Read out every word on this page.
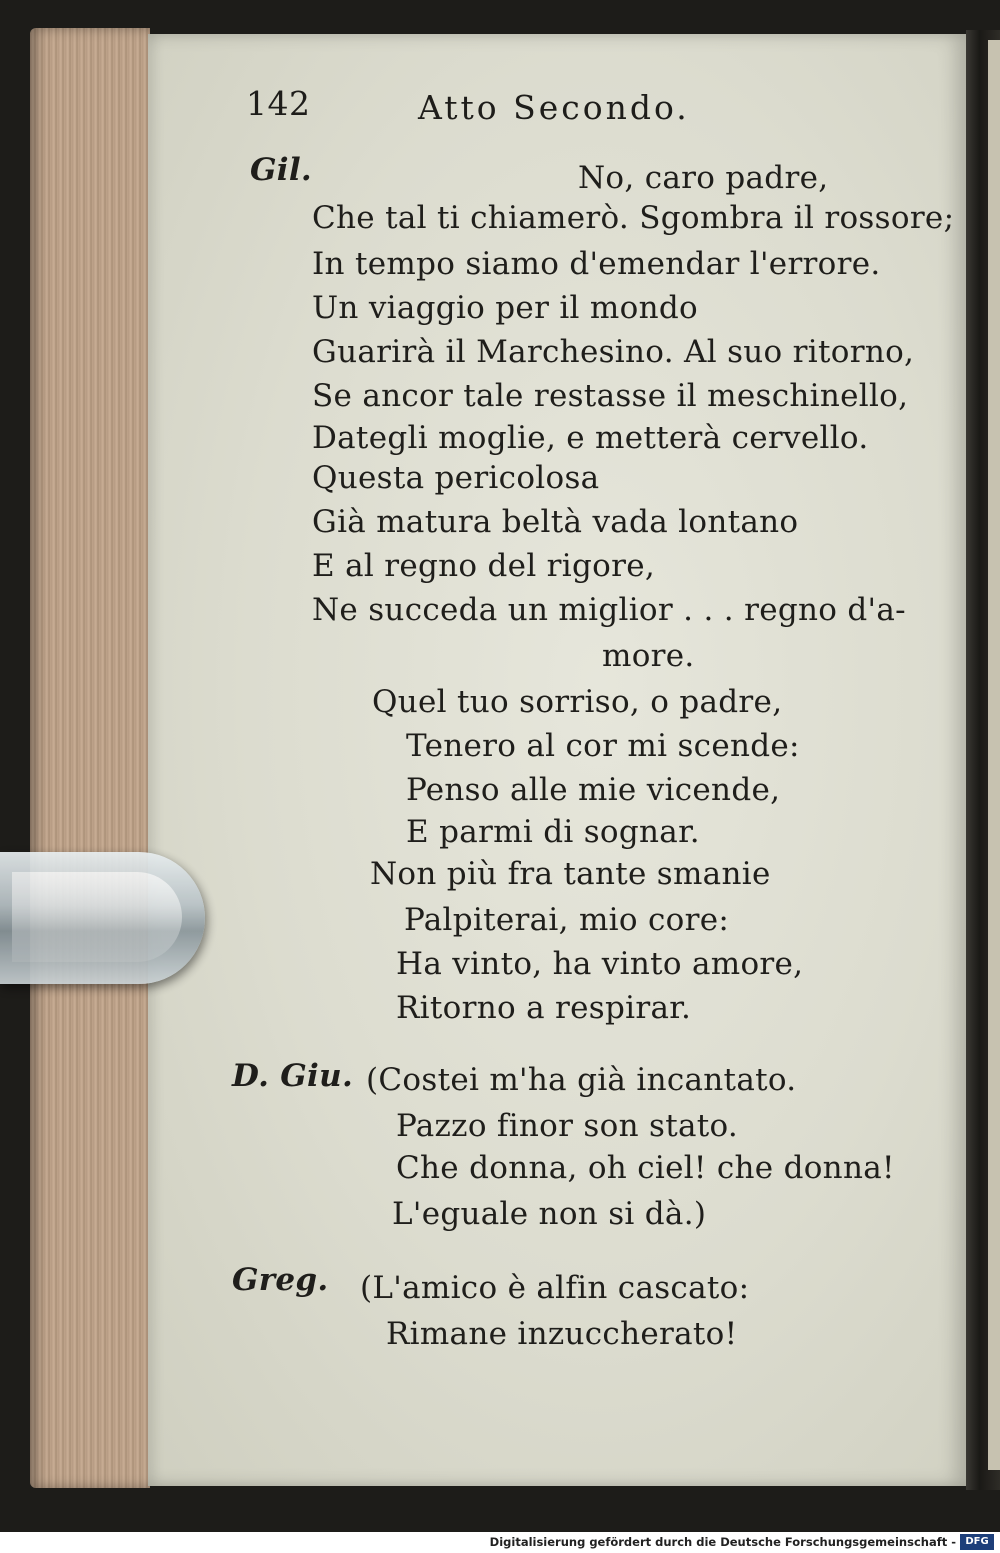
142	Atto Secondo.
Gil.	No, caro padre,
Che tal ti chiamerò. Sgombra il rossore;
In tempo siamo d'emendar l'errore.
Un viaggio per il mondo
Guarirà il Marchesino. Al suo ritorno,
Se ancor tale restasse il meschinello,
Dategli moglie, e metterà cervello.
Questa pericolosa
Già matura beltà vada lontano
E al regno del rigore,
Ne succeda un miglior . . . regno d'a-
more.
Quel tuo sorriso, o padre,
Tenero al cor mi scende:
Penso alle mie vicende,
E parmi di sognar.
Non più fra tante smanie
Palpiterai, mio core:
Ha vinto, ha vinto amore,
Ritorno a respirar.
D. Giu. (Costei m'ha già incantato.
Pazzo finor son stato.
Che donna, oh ciel! che donna!
L'eguale non si dà.)
Greg. (L'amico è alfin cascato:
Rimane inzuccherato!
Digitalisierung gefördert durch die Deutsche Forschungsgemeinschaft - DFG
